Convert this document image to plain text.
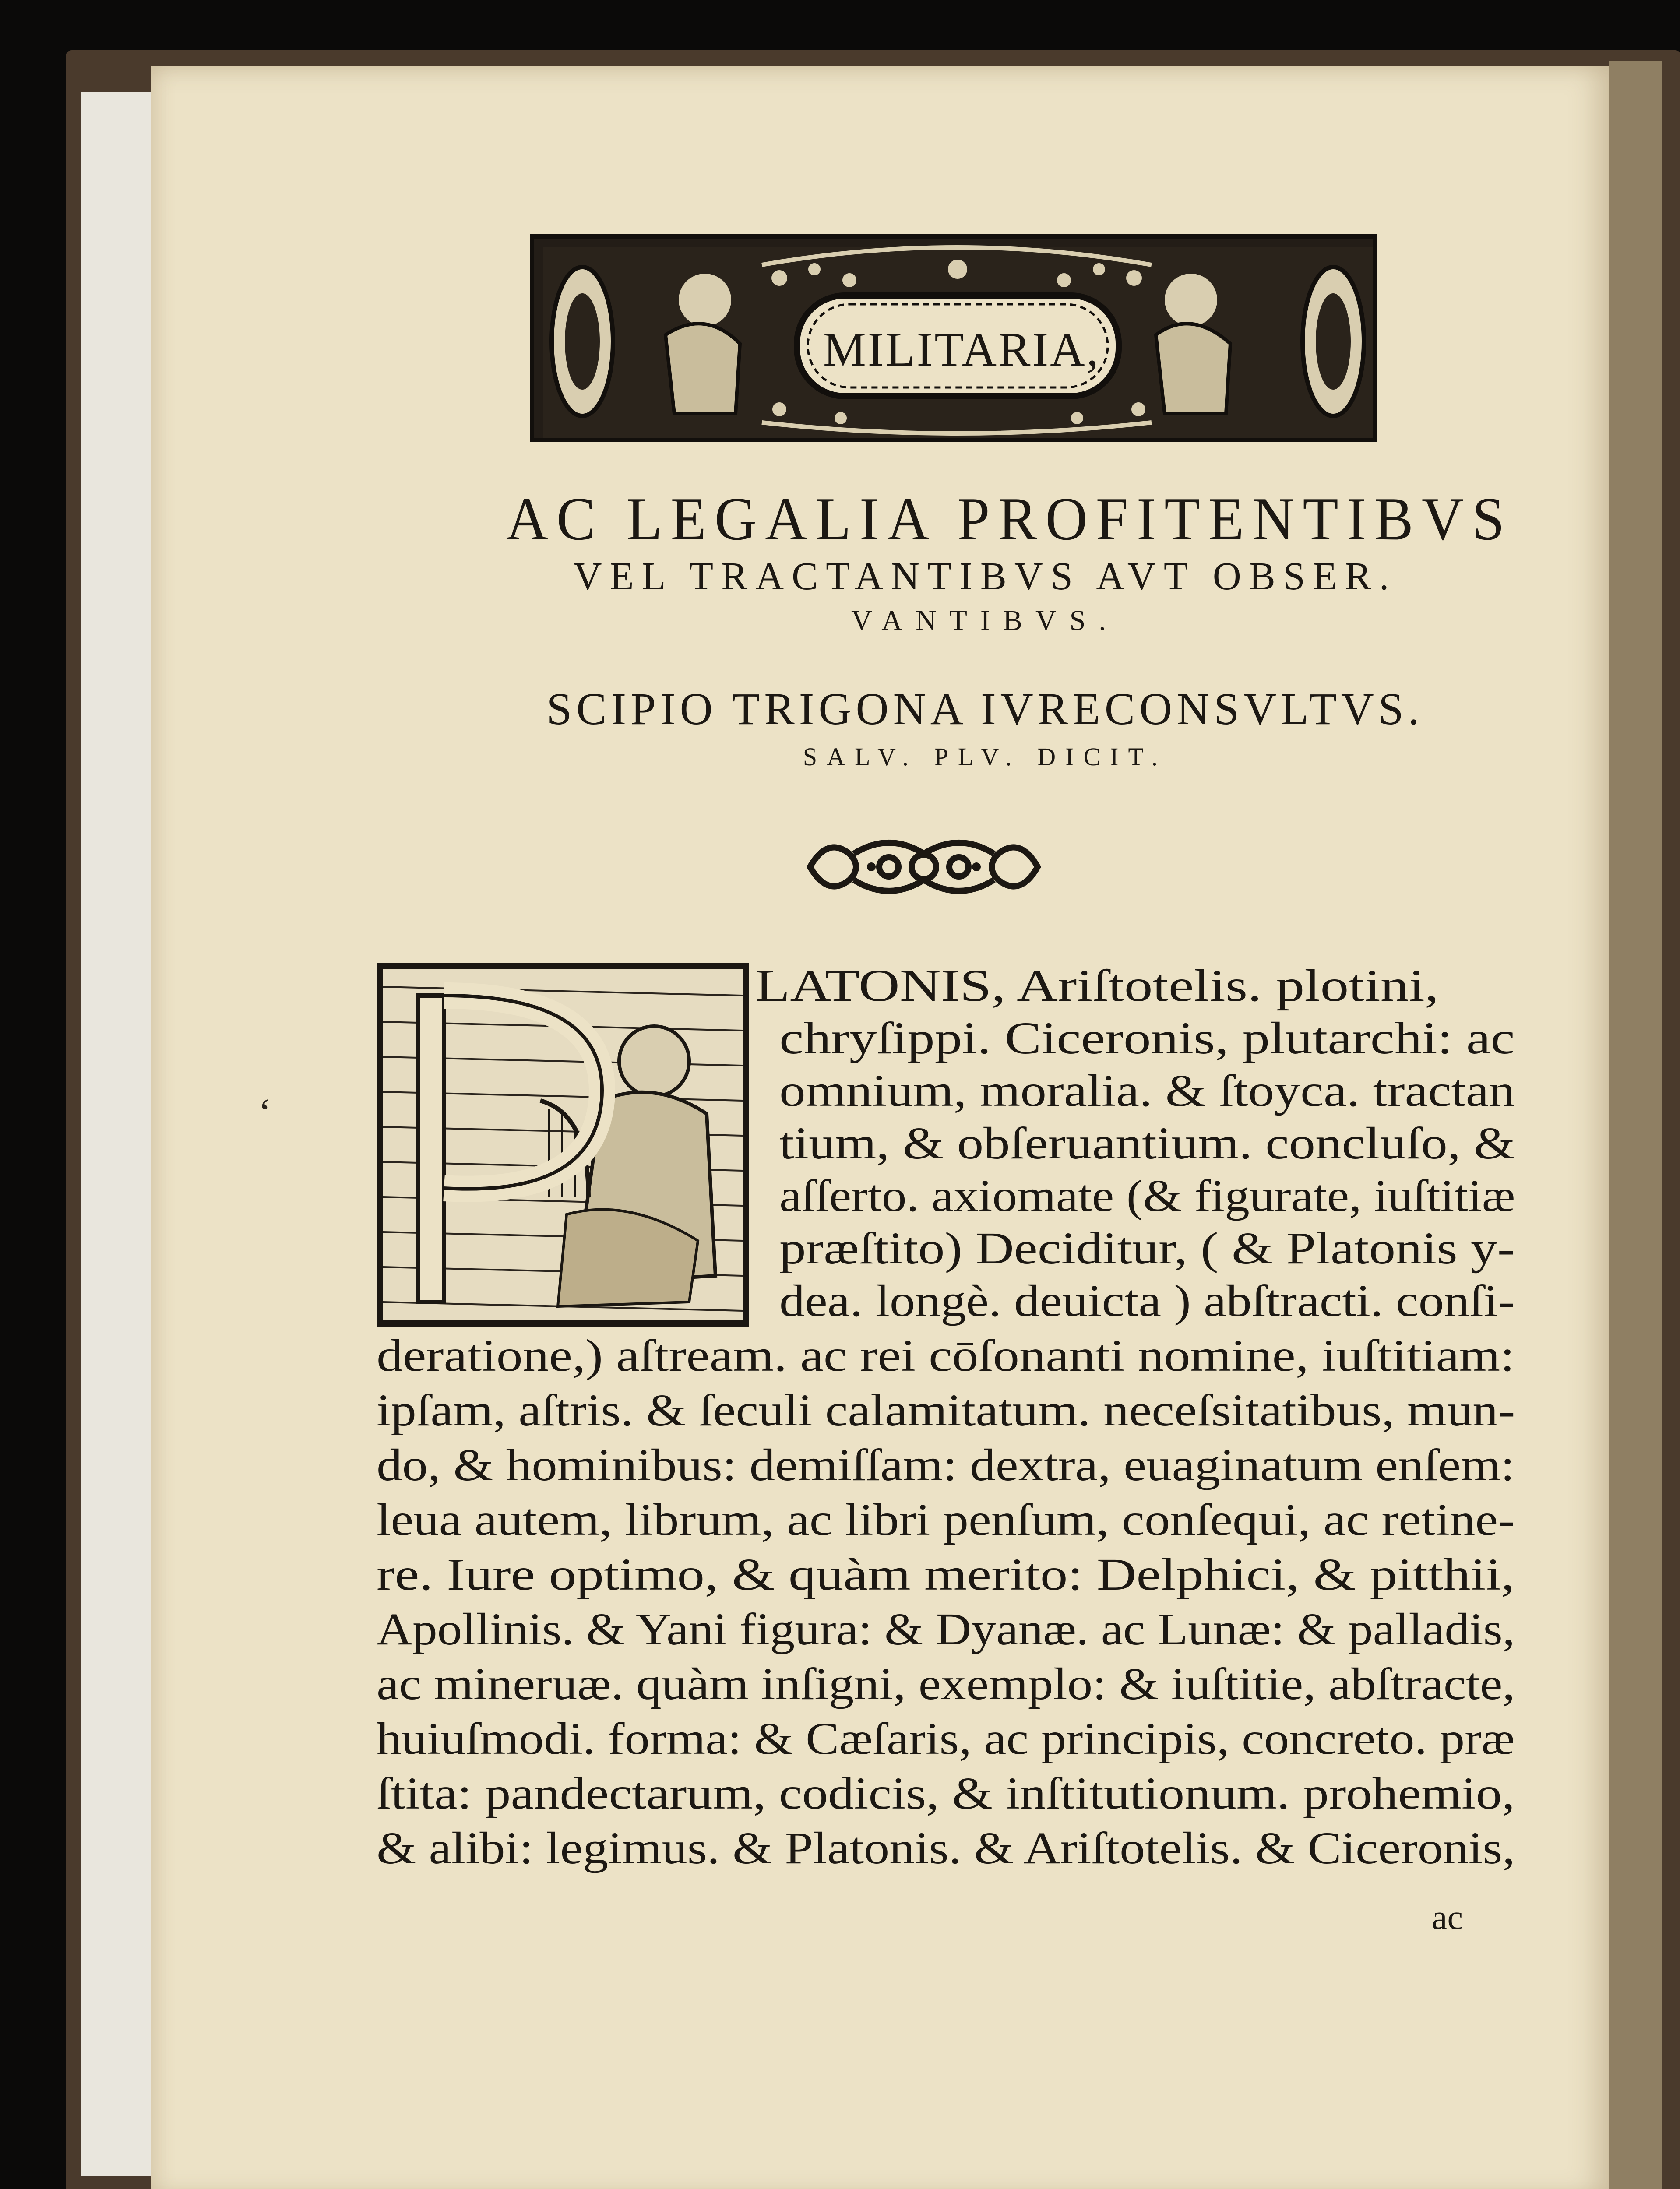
MILITARIA,
AC LEGALIA PROFITENTIBVS
VEL TRACTANTIBVS AVT OBSER.
VANTIBVS.
SCIPIO TRIGONA IVRECONSVLTVS.
SALV. PLV. DICIT.
LATONIS, Ariſtotelis. plotini,
chryſippi. Ciceronis, plutarchi: ac
omnium, moralia. & ſtoyca. tractan
tium, & obſeruantium. concluſo, &
aſſerto. axiomate (& figurate, iuſtitiæ
præſtito) Deciditur, ( & Platonis y-
dea. longè. deuicta ) abſtracti. conſi-
deratione,) aſtream. ac rei cōſonanti nomine, iuſtitiam:
ipſam, aſtris. & ſeculi calamitatum. neceſsitatibus, mun-
do, & hominibus: demiſſam: dextra, euaginatum enſem:
leua autem, librum, ac libri penſum, conſequi, ac retine-
re. Iure optimo, & quàm merito: Delphici, & pitthii,
Apollinis. & Yani figura: & Dyanæ. ac Lunæ: & palladis,
ac mineruæ. quàm inſigni, exemplo: & iuſtitie, abſtracte,
huiuſmodi. forma: & Cæſaris, ac principis, concreto. præ
ſtita: pandectarum, codicis, & inſtitutionum. prohemio,
& alibi: legimus. & Platonis. & Ariſtotelis. & Ciceronis,
ac
ʻ
